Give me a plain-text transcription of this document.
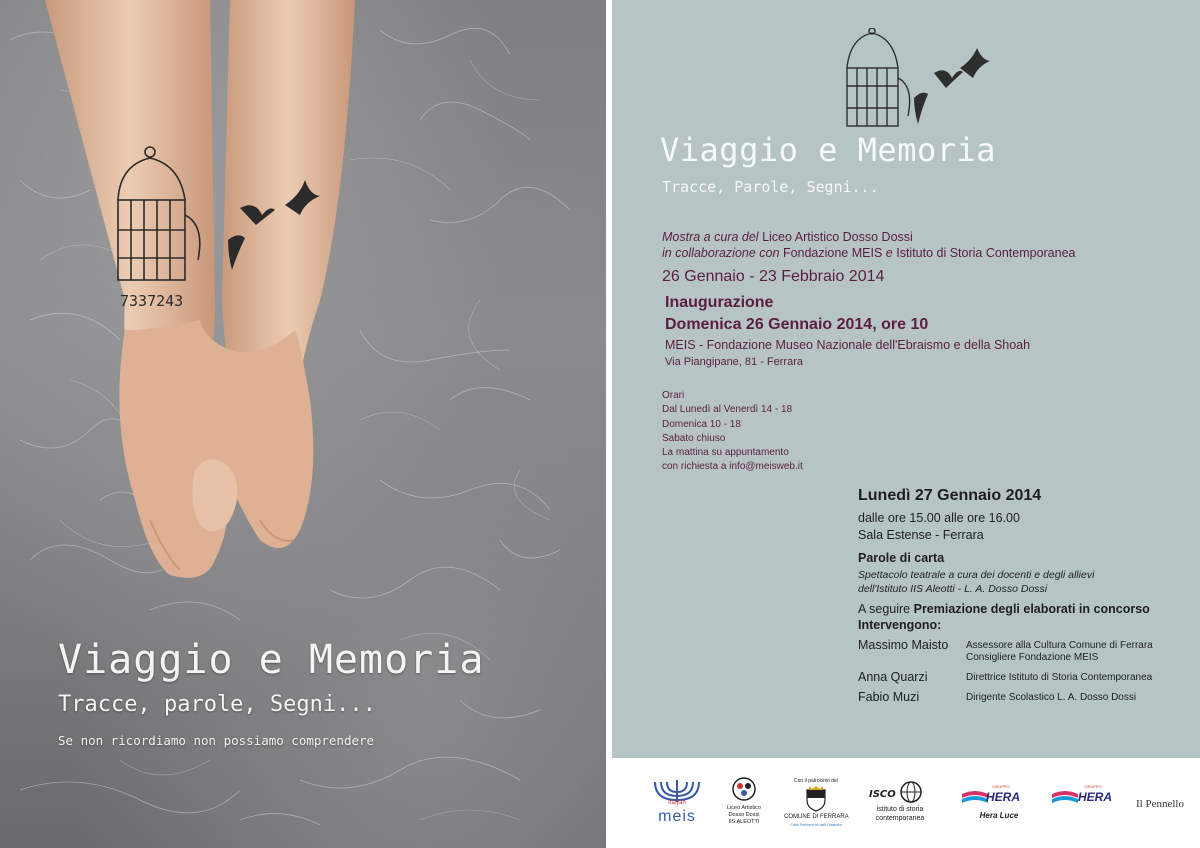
7337243
Viaggio e Memoria
Tracce, parole, Segni...
Se non ricordiamo non possiamo comprendere
Viaggio e Memoria
Tracce, Parole, Segni...
Mostra a cura del Liceo Artistico Dosso Dossi
in collaborazione con Fondazione MEIS e Istituto di Storia Contemporanea
26 Gennaio - 23 Febbraio 2014
Inaugurazione
Domenica 26 Gennaio 2014, ore 10
MEIS - Fondazione Museo Nazionale dell'Ebraismo e della Shoah
Via Piangipane, 81 - Ferrara
Orari
Dal Lunedì al Venerdì 14 - 18
Domenica 10 - 18
Sabato chiuso
La mattina su appuntamento
con richiesta a info@meisweb.it
Lunedì 27 Gennaio 2014
dalle ore 15.00 alle ore 16.00
Sala Estense - Ferrara
Parole di carta
Spettacolo teatrale a cura dei docenti e degli allievi
dell'Istituto IIS Aleotti - L. A. Dosso Dossi
A seguire Premiazione degli elaborati in concorso
Intervengono:
Massimo Maisto	Assessore alla Cultura Comune di Ferrara
Consigliere Fondazione MEIS
Anna Quarzi	Direttrice Istituto di Storia Contemporanea
Fabio Muzi	Dirigente Scolastico L. A. Dosso Dossi
Italyah
meis	Liceo Artistico
Dosso Dossi
IIS ALEOTTI
Con il patrocinio del
COMUNE DI FERRARA
Città Patrimonio dell'Umanità
ISCO
istituto di storia
contemporanea
GRUPPO
HERA
Hera Luce
GRUPPO
HERA	Il Pennello
